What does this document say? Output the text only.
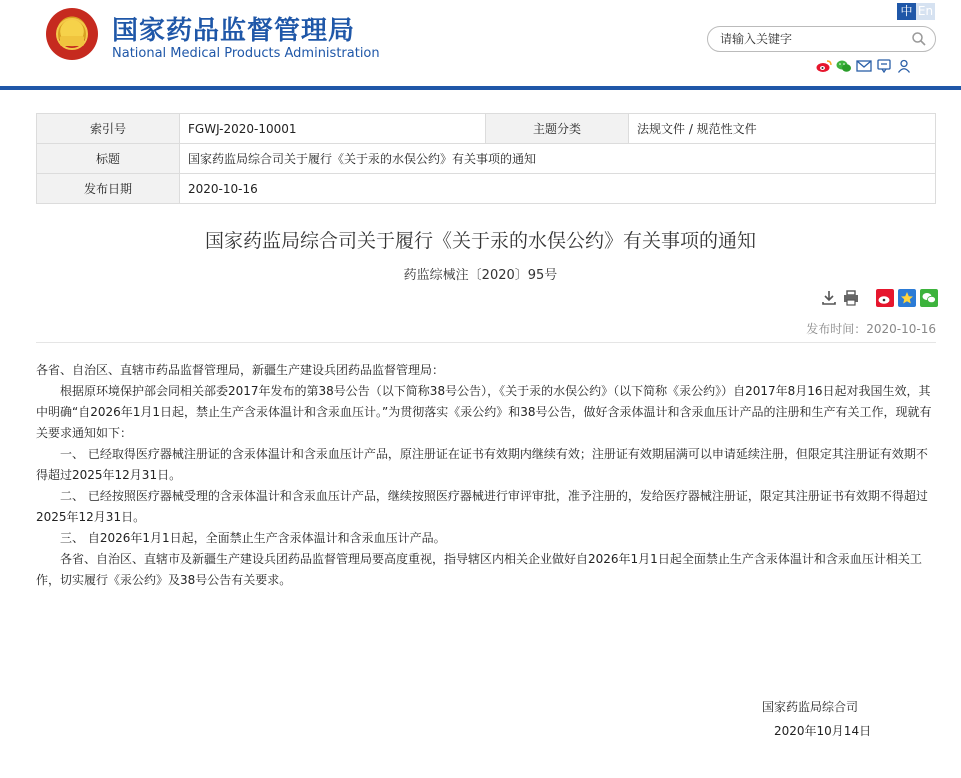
★ 国家药品监督管理局
National Medical Products Administration
中 En
请输入关键字
索引号	FGWJ-2020-10001	主题分类	法规文件 / 规范性文件
标题	国家药监局综合司关于履行《关于汞的水俣公约》有关事项的通知		
发布日期	2020-10-16		
国家药监局综合司关于履行《关于汞的水俣公约》有关事项的通知
药监综械注〔2020〕95号
发布时间：2020-10-16

各省、自治区、直辖市药品监督管理局，新疆生产建设兵团药品监督管理局：

根据原环境保护部会同相关部委2017年发布的第38号公告（以下简称38号公告），《关于汞的水俣公约》（以下简称《汞公约》）自2017年8月16日起对我国生效，其中明确“自2026年1月1日起，禁止生产含汞体温计和含汞血压计。”为贯彻落实《汞公约》和38号公告，做好含汞体温计和含汞血压计产品的注册和生产有关工作，现就有关要求通知如下：

一、 已经取得医疗器械注册证的含汞体温计和含汞血压计产品，原注册证在证书有效期内继续有效；注册证有效期届满可以申请延续注册，但限定其注册证有效期不得超过2025年12月31日。

二、 已经按照医疗器械受理的含汞体温计和含汞血压计产品，继续按照医疗器械进行审评审批，准予注册的，发给医疗器械注册证，限定其注册证书有效期不得超过2025年12月31日。

三、 自2026年1月1日起，全面禁止生产含汞体温计和含汞血压计产品。

各省、自治区、直辖市及新疆生产建设兵团药品监督管理局要高度重视，指导辖区内相关企业做好自2026年1月1日起全面禁止生产含汞体温计和含汞血压计相关工作，切实履行《汞公约》及38号公告有关要求。

国家药监局综合司
2020年10月14日
